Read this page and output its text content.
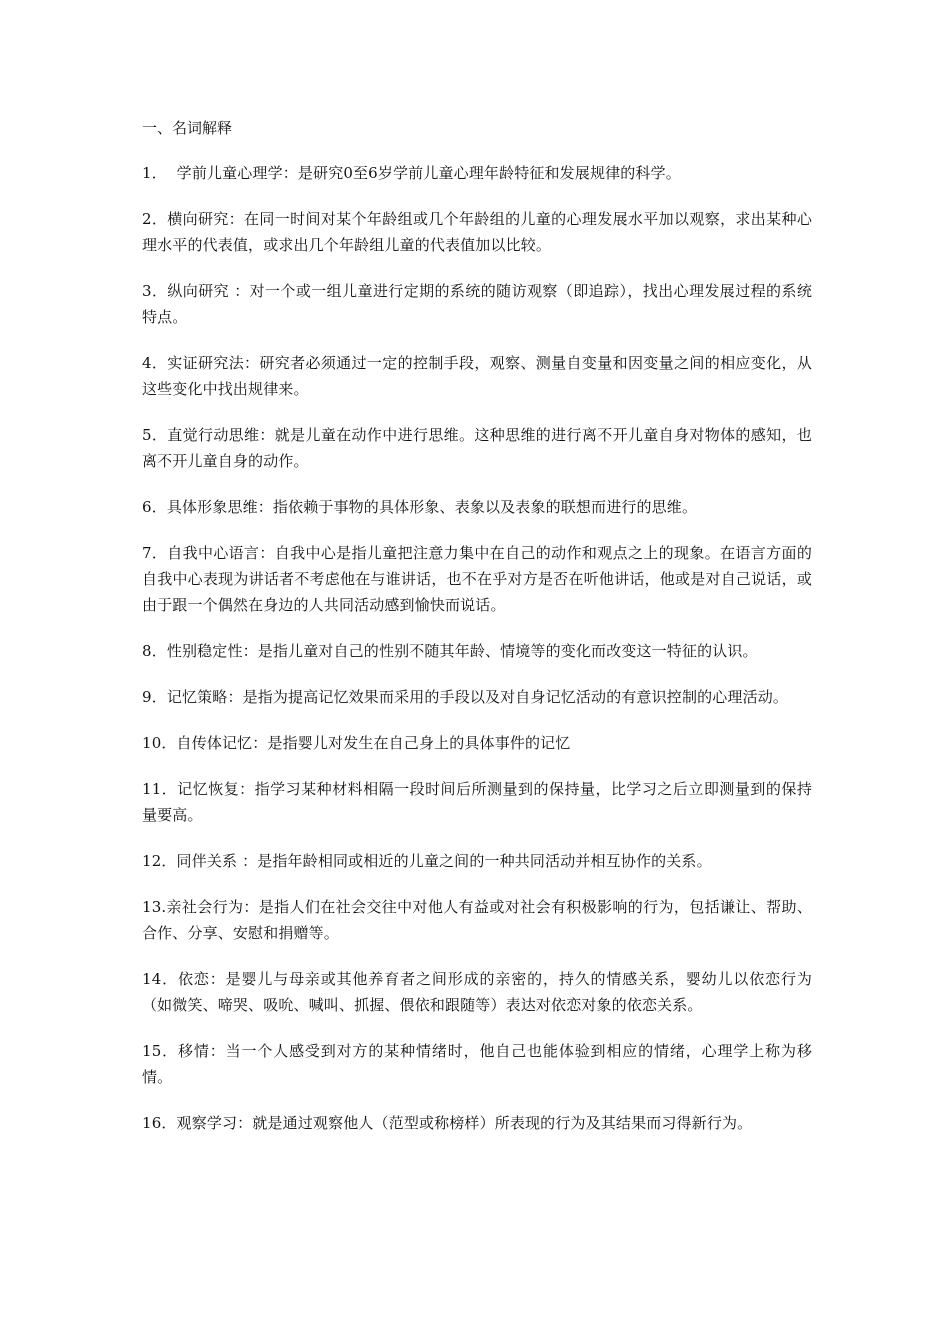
一、名词解释
1．  学前儿童心理学：是研究0至6岁学前儿童心理年龄特征和发展规律的科学。
2．横向研究：在同一时间对某个年龄组或几个年龄组的儿童的心理发展水平加以观察，求出某种心理水平的代表值，或求出几个年龄组儿童的代表值加以比较。
3．纵向研究 ：对一个或一组儿童进行定期的系统的随访观察（即追踪），找出心理发展过程的系统特点。
4．实证研究法：研究者必须通过一定的控制手段，观察、测量自变量和因变量之间的相应变化，从这些变化中找出规律来。
5．直觉行动思维：就是儿童在动作中进行思维。这种思维的进行离不开儿童自身对物体的感知，也离不开儿童自身的动作。
6．具体形象思维：指依赖于事物的具体形象、表象以及表象的联想而进行的思维。
7．自我中心语言：自我中心是指儿童把注意力集中在自己的动作和观点之上的现象。在语言方面的自我中心表现为讲话者不考虑他在与谁讲话，也不在乎对方是否在听他讲话，他或是对自己说话，或由于跟一个偶然在身边的人共同活动感到愉快而说话。
8．性别稳定性：是指儿童对自己的性别不随其年龄、情境等的变化而改变这一特征的认识。
9．记忆策略：是指为提高记忆效果而采用的手段以及对自身记忆活动的有意识控制的心理活动。
10．自传体记忆：是指婴儿对发生在自己身上的具体事件的记忆
11．记忆恢复：指学习某种材料相隔一段时间后所测量到的保持量，比学习之后立即测量到的保持量要高。
12．同伴关系 ：是指年龄相同或相近的儿童之间的一种共同活动并相互协作的关系。
13.亲社会行为：是指人们在社会交往中对他人有益或对社会有积极影响的行为，包括谦让、帮助、合作、分享、安慰和捐赠等。
14．依恋：是婴儿与母亲或其他养育者之间形成的亲密的，持久的情感关系，婴幼儿以依恋行为（如微笑、啼哭、吸吮、喊叫、抓握、偎依和跟随等）表达对依恋对象的依恋关系。
15．移情：当一个人感受到对方的某种情绪时，他自己也能体验到相应的情绪，心理学上称为移情。
16．观察学习：就是通过观察他人（范型或称榜样）所表现的行为及其结果而习得新行为。
